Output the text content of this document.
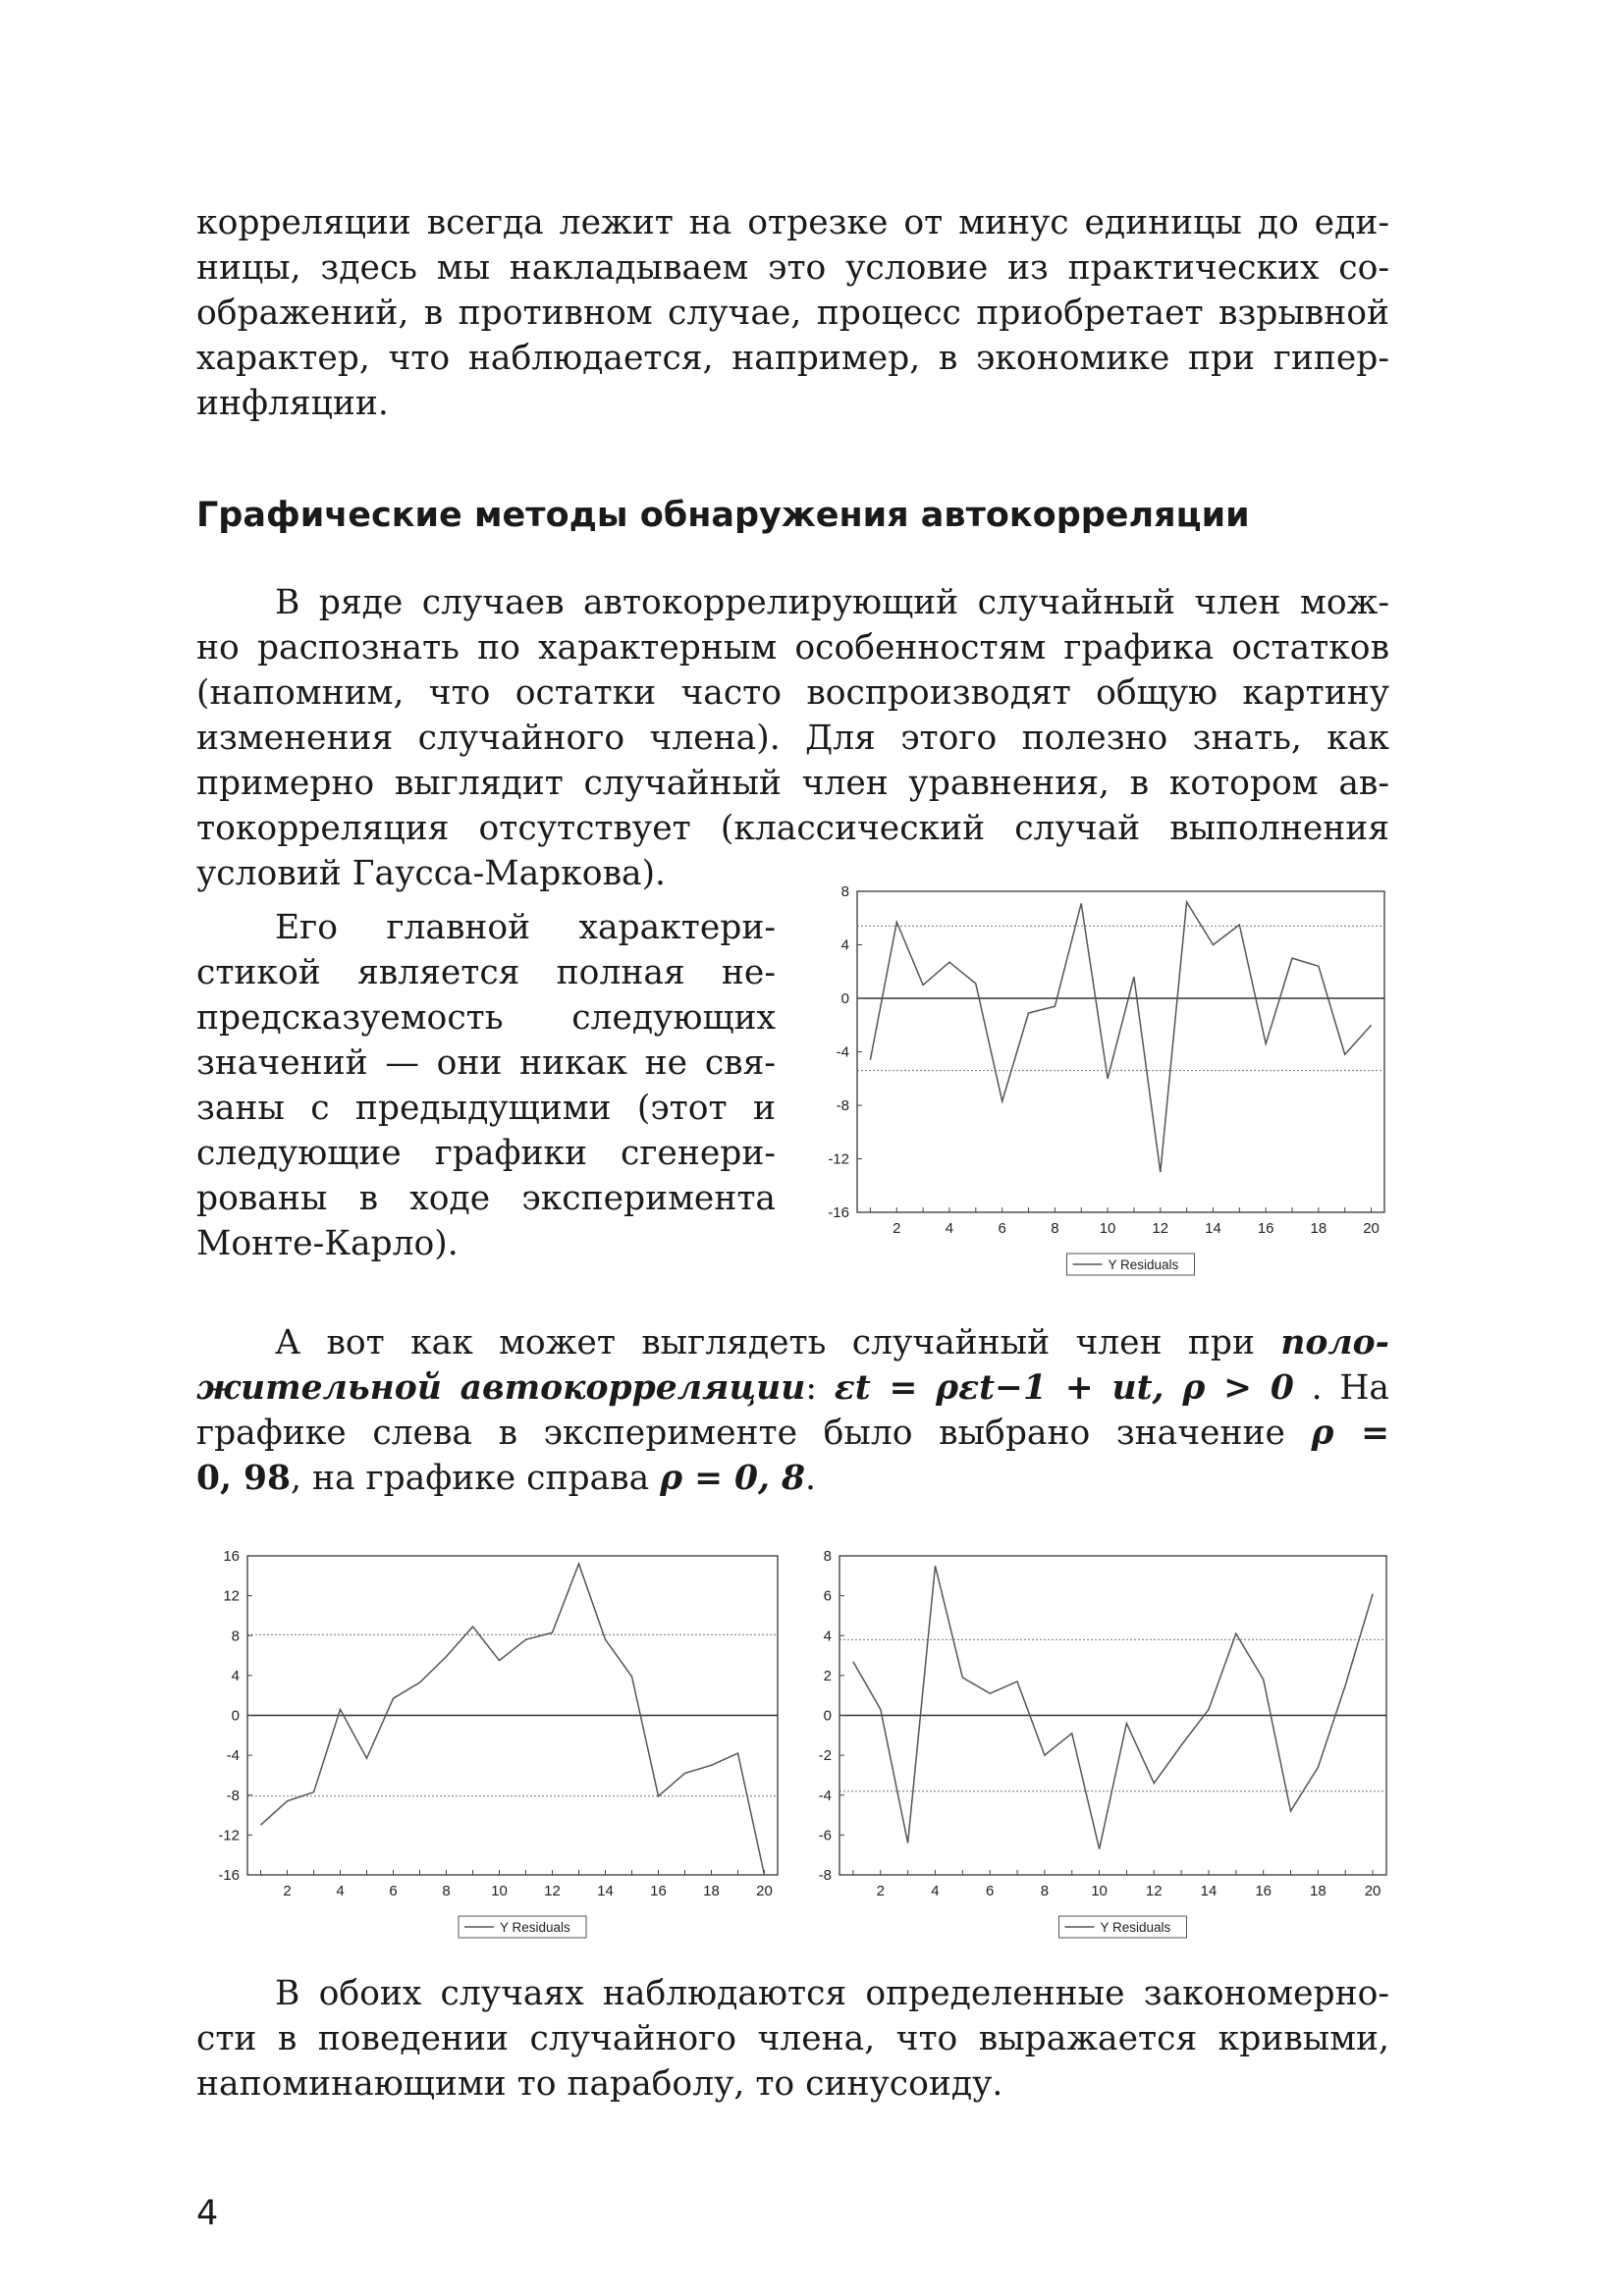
корреляции всегда лежит на отрезке от минус единицы до еди-
ницы, здесь мы накладываем это условие из практических со-
ображений, в противном случае, процесс приобретает взрывной
характер, что наблюдается, например, в экономике при гипер-
инфляции.
Графические методы обнаружения автокорреляции
В ряде случаев автокоррелирующий случайный член мож-
но распознать по характерным особенностям графика остатков
(напомним, что остатки часто воспроизводят общую картину
изменения случайного члена). Для этого полезно знать, как
примерно выглядит случайный член уравнения, в котором ав-
токорреляция отсутствует (классический случай выполнения
условий Гаусса-Маркова).
Его главной характери-
стикой является полная не-
предсказуемость следующих
значений — они никак не свя-
заны с предыдущими (этот и
следующие графики сгенери-
рованы в ходе эксперимента
Монте-Карло).
8
4
0
-4
-8
-12
-16
2	4	6	8	10 12 14 16 18 20
Y Residuals
А вот как может выглядеть случайный член при поло-
жительной автокорреляции: εt = ρεt−1 + ut, ρ > 0 . На
графике слева в эксперименте было выбрано значение ρ =
0, 98, на графике справа ρ = 0, 8.
16
12
8
4
0
-4
-8
-12
-16
2	4	6	8	10 12 14 16 18 20
Y Residuals
8
6
4
2
0
-2
-4
-6
-8
2	4	6	8	10	12	14	16	18	20
Y Residuals
В обоих случаях наблюдаются определенные закономерно-
сти в поведении случайного члена, что выражается кривыми,
напоминающими то параболу, то синусоиду.
4
